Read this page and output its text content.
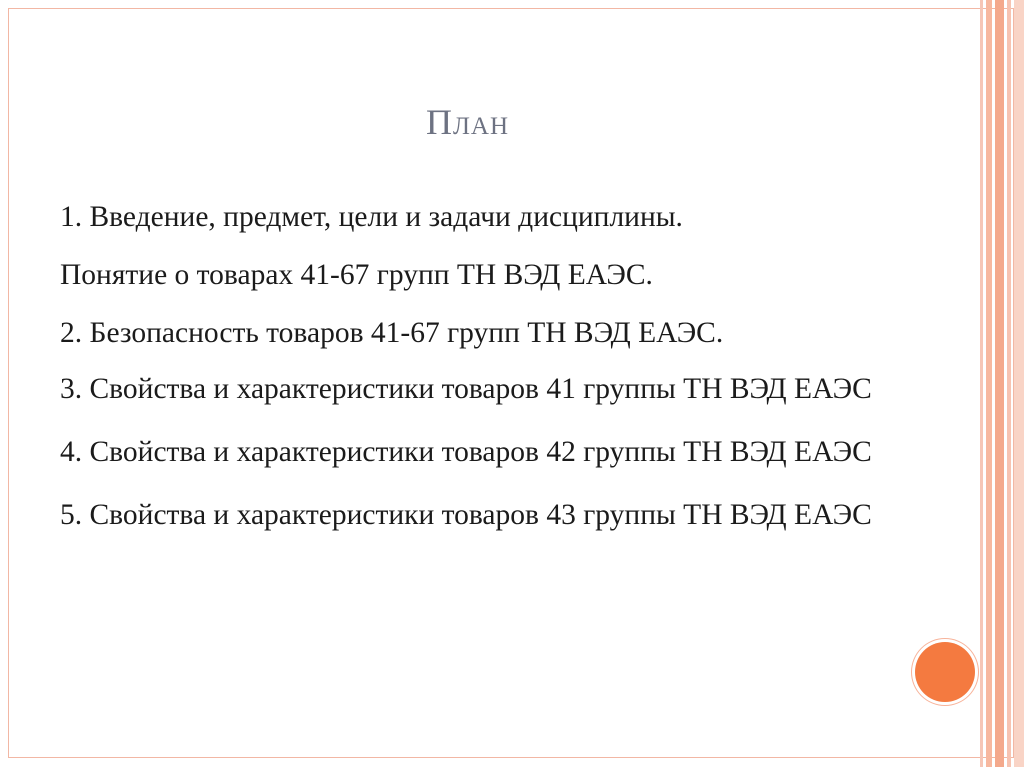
План
1. Введение, предмет, цели и задачи дисциплины.
Понятие о товарах 41-67 групп ТН ВЭД ЕАЭС.
2. Безопасность товаров 41-67 групп ТН ВЭД ЕАЭС.
3. Свойства и характеристики товаров 41 группы ТН ВЭД ЕАЭС
4. Свойства и характеристики товаров 42 группы ТН ВЭД ЕАЭС
5. Свойства и характеристики товаров 43 группы ТН ВЭД ЕАЭС
